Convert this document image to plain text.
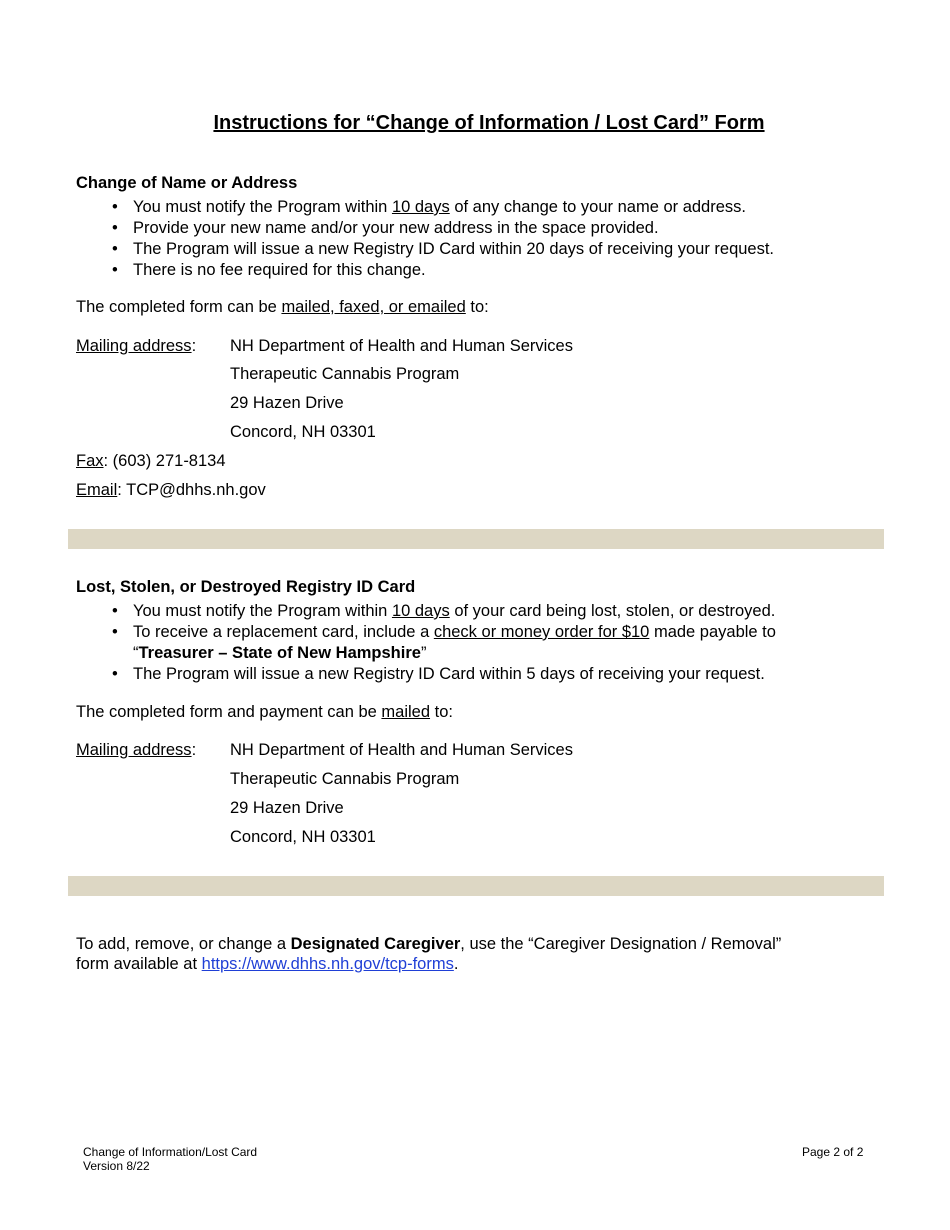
Instructions for “Change of Information / Lost Card” Form
Change of Name or Address
• You must notify the Program within 10 days of any change to your name or address.
• Provide your new name and/or your new address in the space provided.
• The Program will issue a new Registry ID Card within 20 days of receiving your request.
• There is no fee required for this change.
The completed form can be mailed, faxed, or emailed to:
Mailing address: NH Department of Health and Human Services
Therapeutic Cannabis Program
29 Hazen Drive
Concord, NH 03301
Fax: (603) 271-8134
Email: TCP@dhhs.nh.gov
Lost, Stolen, or Destroyed Registry ID Card
• You must notify the Program within 10 days of your card being lost, stolen, or destroyed.
• To receive a replacement card, include a check or money order for $10 made payable to
“Treasurer – State of New Hampshire”
• The Program will issue a new Registry ID Card within 5 days of receiving your request.
The completed form and payment can be mailed to:
Mailing address: NH Department of Health and Human Services
Therapeutic Cannabis Program
29 Hazen Drive
Concord, NH 03301
To add, remove, or change a Designated Caregiver, use the “Caregiver Designation / Removal” form available at https://www.dhhs.nh.gov/tcp-forms.
Change of Information/Lost Card
Version 8/22
Page 2 of 2
